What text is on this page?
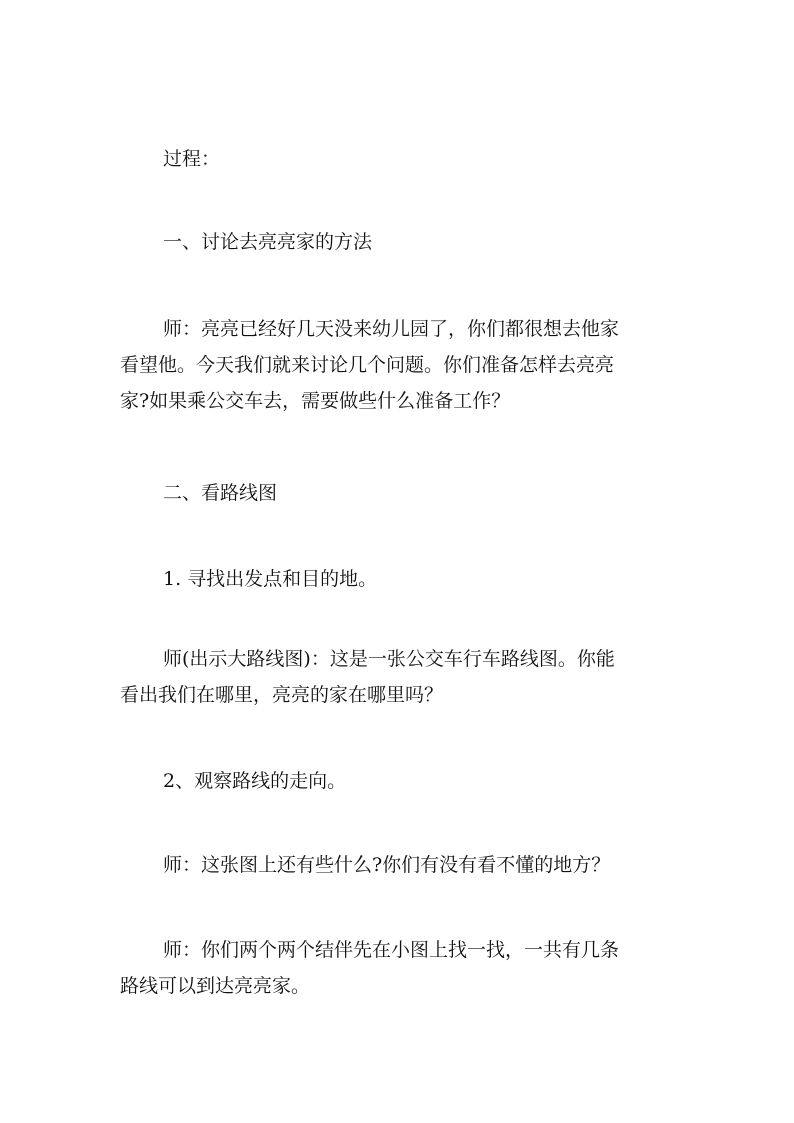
过程：

一、讨论去亮亮家的方法

师：亮亮已经好几天没来幼儿园了，你们都很想去他家
看望他。今天我们就来讨论几个问题。你们准备怎样去亮亮
家?如果乘公交车去，需要做些什么准备工作？

二、看路线图

1. 寻找出发点和目的地。

师(出示大路线图)：这是一张公交车行车路线图。你能
看出我们在哪里，亮亮的家在哪里吗？

2、观察路线的走向。

师：这张图上还有些什么?你们有没有看不懂的地方？

师：你们两个两个结伴先在小图上找一找，一共有几条
路线可以到达亮亮家。
